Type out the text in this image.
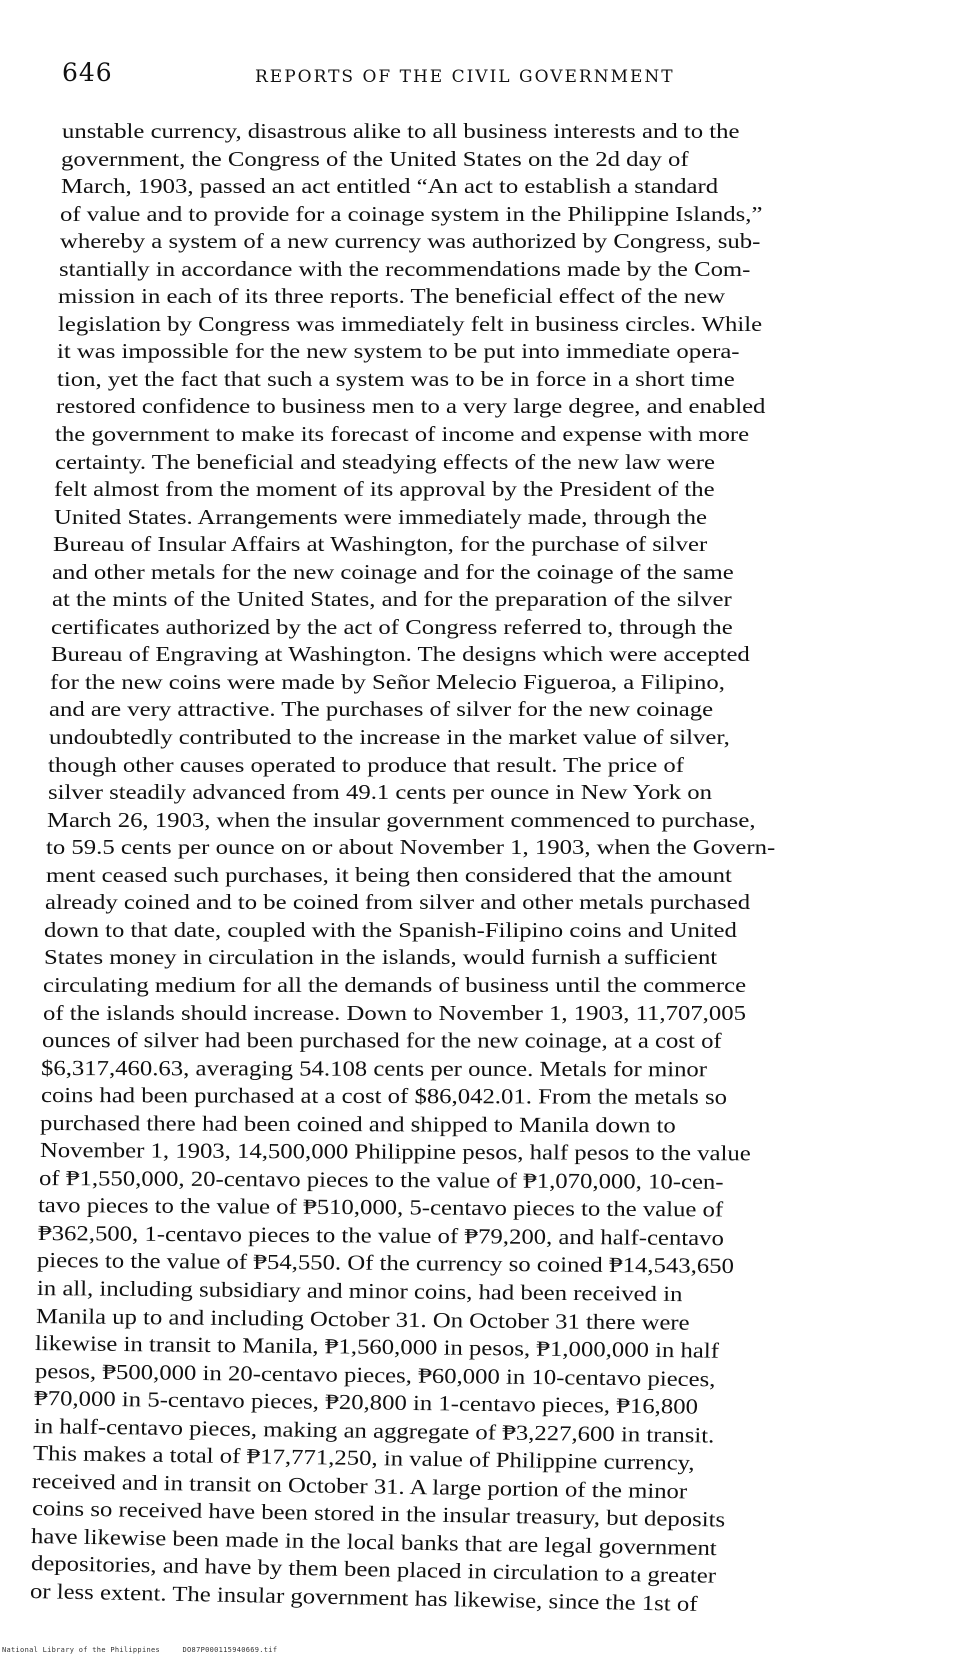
646	REPORTS OF THE CIVIL GOVERNMENT
unstable currency, disastrous alike to all business interests and to the
government, the Congress of the United States on the 2d day of
March, 1903, passed an act entitled “An act to establish a standard
of value and to provide for a coinage system in the Philippine Islands,”
whereby a system of a new currency was authorized by Congress, sub-
stantially in accordance with the recommendations made by the Com-
mission in each of its three reports. The beneficial effect of the new
legislation by Congress was immediately felt in business circles. While
it was impossible for the new system to be put into immediate opera-
tion, yet the fact that such a system was to be in force in a short time
restored confidence to business men to a very large degree, and enabled
the government to make its forecast of income and expense with more
certainty. The beneficial and steadying effects of the new law were
felt almost from the moment of its approval by the President of the
United States. Arrangements were immediately made, through the
Bureau of Insular Affairs at Washington, for the purchase of silver
and other metals for the new coinage and for the coinage of the same
at the mints of the United States, and for the preparation of the silver
certificates authorized by the act of Congress referred to, through the
Bureau of Engraving at Washington. The designs which were accepted
for the new coins were made by Señor Melecio Figueroa, a Filipino,
and are very attractive. The purchases of silver for the new coinage
undoubtedly contributed to the increase in the market value of silver,
though other causes operated to produce that result. The price of
silver steadily advanced from 49.1 cents per ounce in New York on
March 26, 1903, when the insular government commenced to purchase,
to 59.5 cents per ounce on or about November 1, 1903, when the Govern-
ment ceased such purchases, it being then considered that the amount
already coined and to be coined from silver and other metals purchased
down to that date, coupled with the Spanish-Filipino coins and United
States money in circulation in the islands, would furnish a sufficient
circulating medium for all the demands of business until the commerce
of the islands should increase. Down to November 1, 1903, 11,707,005
ounces of silver had been purchased for the new coinage, at a cost of
$6,317,460.63, averaging 54.108 cents per ounce. Metals for minor
coins had been purchased at a cost of $86,042.01. From the metals so
purchased there had been coined and shipped to Manila down to
November 1, 1903, 14,500,000 Philippine pesos, half pesos to the value
of ₱1,550,000, 20-centavo pieces to the value of ₱1,070,000, 10-cen-
tavo pieces to the value of ₱510,000, 5-centavo pieces to the value of
₱362,500, 1-centavo pieces to the value of ₱79,200, and half-centavo
pieces to the value of ₱54,550. Of the currency so coined ₱14,543,650
in all, including subsidiary and minor coins, had been received in
Manila up to and including October 31. On October 31 there were
likewise in transit to Manila, ₱1,560,000 in pesos, ₱1,000,000 in half
pesos, ₱500,000 in 20-centavo pieces, ₱60,000 in 10-centavo pieces,
₱70,000 in 5-centavo pieces, ₱20,800 in 1-centavo pieces, ₱16,800
in half-centavo pieces, making an aggregate of ₱3,227,600 in transit.
This makes a total of ₱17,771,250, in value of Philippine currency,
received and in transit on October 31. A large portion of the minor
coins so received have been stored in the insular treasury, but deposits
have likewise been made in the local banks that are legal government
depositories, and have by them been placed in circulation to a greater
or less extent. The insular government has likewise, since the 1st of
National Library of the Philippines	DO87P000115940669.tif
